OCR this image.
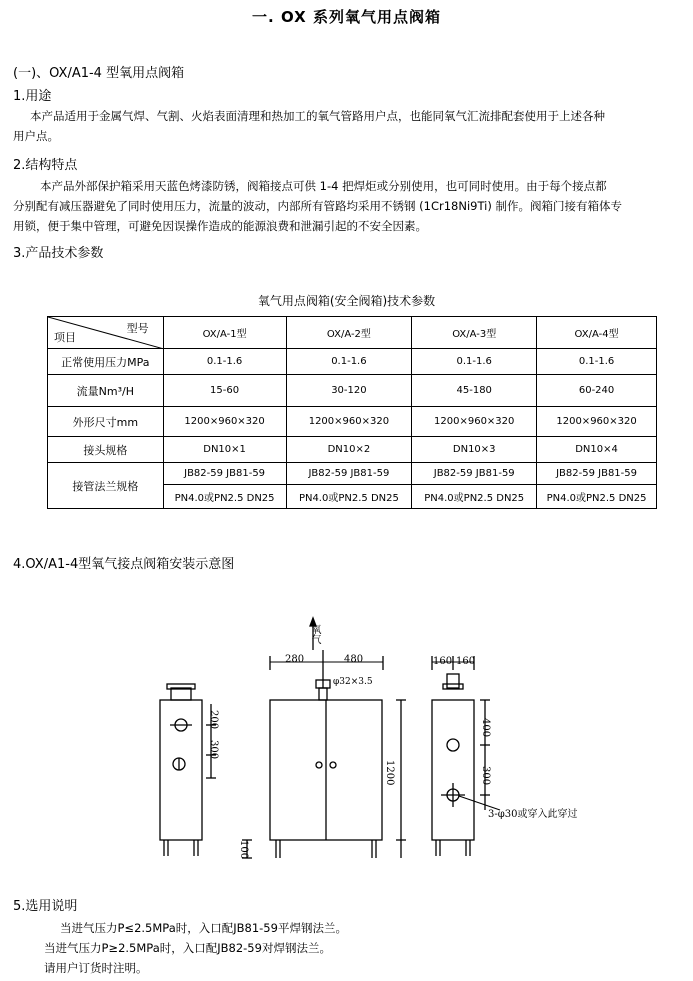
一. OX 系列氧气用点阀箱
(一)、OX/A1-4 型氧用点阀箱
1.用途
本产品适用于金属气焊、气割、火焰表面清理和热加工的氧气管路用户点，也能同氧气汇流排配套使用于上述各种
用户点。
2.结构特点
本产品外部保护箱采用天蓝色烤漆防锈，阀箱接点可供 1-4 把焊炬或分别使用，也可同时使用。由于每个接点都
分别配有减压器避免了同时使用压力，流量的波动，内部所有管路均采用不锈钢 (1Cr18Ni9Ti) 制作。阀箱门接有箱体专
用锁，便于集中管理，可避免因误操作造成的能源浪费和泄漏引起的不安全因素。
3.产品技术参数
氧气用点阀箱(安全阀箱)技术参数
型号
项目	OX/A-1型	OX/A-2型	OX/A-3型	OX/A-4型
正常使用压力MPa	0.1-1.6	0.1-1.6	0.1-1.6	0.1-1.6
流量Nm³/H	15-60	30-120	45-180	60-240
外形尺寸mm	1200×960×320	1200×960×320	1200×960×320	1200×960×320
接头规格	DN10×1	DN10×2	DN10×3	DN10×4
接管法兰规格	JB82-59 JB81-59	JB82-59 JB81-59	JB82-59 JB81-59	JB82-59 JB81-59
	PN4.0或PN2.5 DN25	PN4.0或PN2.5 DN25	PN4.0或PN2.5 DN25	PN4.0或PN2.5 DN25
4.OX/A1-4型氧气接点阀箱安装示意图
氧气
280	480
φ32×3.5
200
300
1200
100
160 160
400
300
3-φ30或穿入此穿过
5.选用说明
当进气压力P≤2.5MPa时，入口配JB81-59平焊钢法兰。
当进气压力P≥2.5MPa时，入口配JB82-59对焊钢法兰。
请用户订货时注明。
